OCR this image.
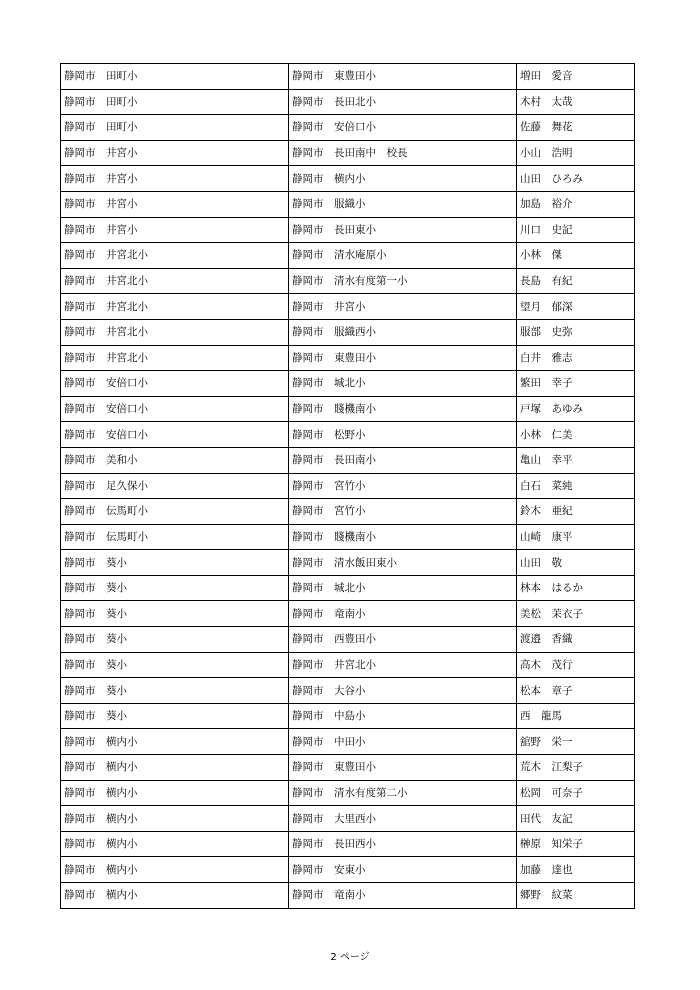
静岡市　田町小	静岡市　東豊田小	増田　愛音
静岡市　田町小	静岡市　長田北小	木村　太哉
静岡市　田町小	静岡市　安倍口小	佐藤　舞花
静岡市　井宮小	静岡市　長田南中　校長	小山　浩明
静岡市　井宮小	静岡市　横内小	山田　ひろみ
静岡市　井宮小	静岡市　服織小	加島　裕介
静岡市　井宮小	静岡市　長田東小	川口　史記
静岡市　井宮北小	静岡市　清水庵原小	小林　傑
静岡市　井宮北小	静岡市　清水有度第一小	長島　有紀
静岡市　井宮北小	静岡市　井宮小	望月　郁深
静岡市　井宮北小	静岡市　服織西小	服部　史弥
静岡市　井宮北小	静岡市　東豊田小	白井　雅志
静岡市　安倍口小	静岡市　城北小	繁田　幸子
静岡市　安倍口小	静岡市　賤機南小	戸塚　あゆみ
静岡市　安倍口小	静岡市　松野小	小林　仁美
静岡市　美和小	静岡市　長田南小	亀山　幸平
静岡市　足久保小	静岡市　宮竹小	白石　菜純
静岡市　伝馬町小	静岡市　宮竹小	鈴木　亜紀
静岡市　伝馬町小	静岡市　賤機南小	山崎　康平
静岡市　葵小	静岡市　清水飯田東小	山田　敬
静岡市　葵小	静岡市　城北小	林本　はるか
静岡市　葵小	静岡市　竜南小	美松　茉衣子
静岡市　葵小	静岡市　西豊田小	渡邉　香織
静岡市　葵小	静岡市　井宮北小	高木　茂行
静岡市　葵小	静岡市　大谷小	松本　章子
静岡市　葵小	静岡市　中島小	西　龍馬
静岡市　横内小	静岡市　中田小	舘野　栄一
静岡市　横内小	静岡市　東豊田小	荒木　江梨子
静岡市　横内小	静岡市　清水有度第二小	松岡　可奈子
静岡市　横内小	静岡市　大里西小	田代　友記
静岡市　横内小	静岡市　長田西小	榊原　知栄子
静岡市　横内小	静岡市　安東小	加藤　達也
静岡市　横内小	静岡市　竜南小	郷野　紋菜
2 ページ
